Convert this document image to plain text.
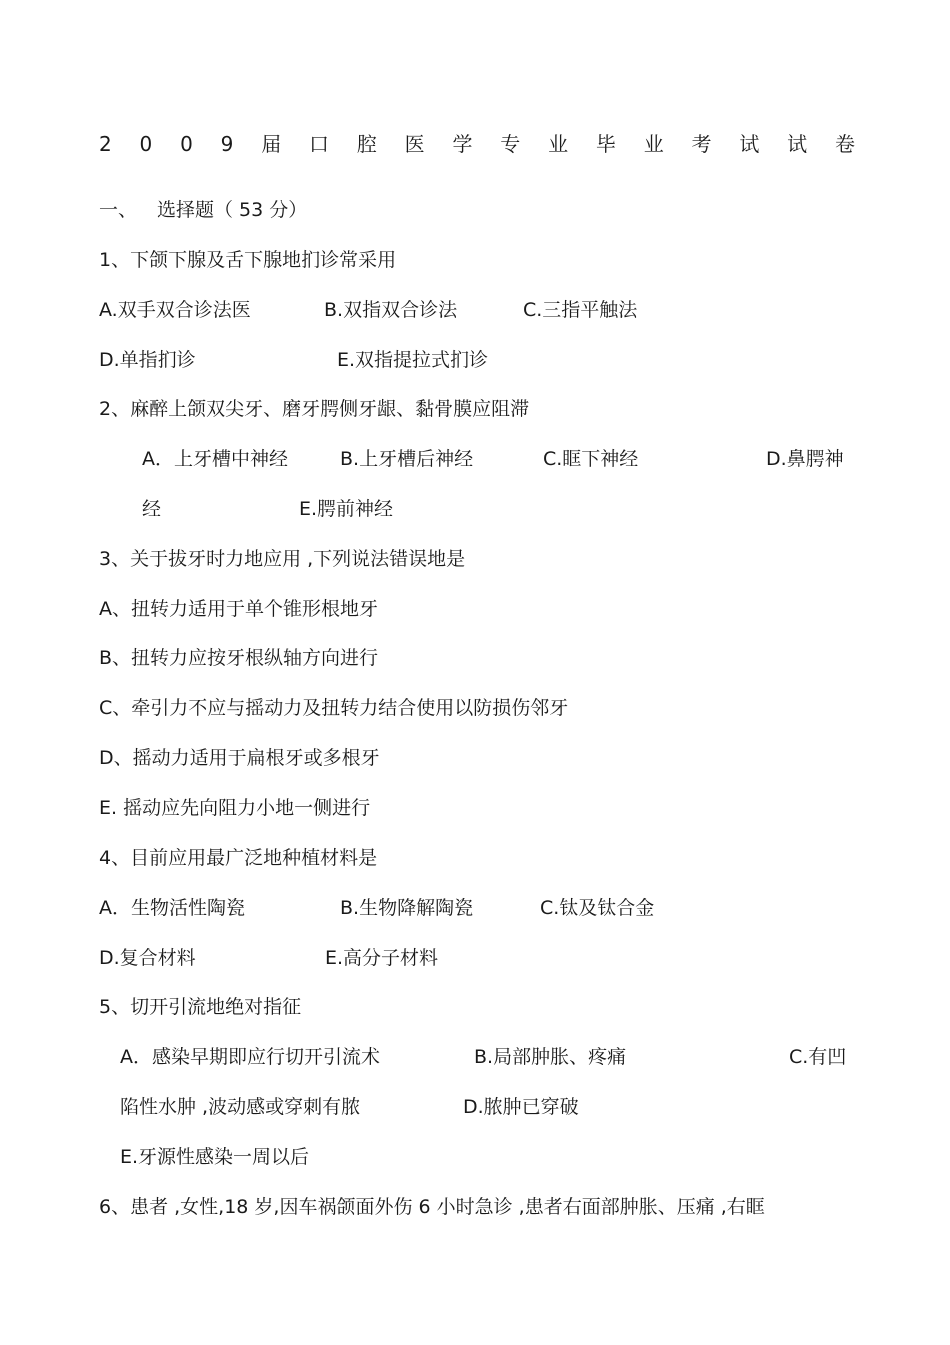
2 0 0 9 届 口 腔 医 学 专 业 毕 业 考 试 试 卷
一、 选择题（ 53 分）
1、下颌下腺及舌下腺地扪诊常采用
A.双手双合诊法医	B.双指双合诊法	C.三指平触法
D.单指扪诊	E.双指提拉式扪诊
2、麻醉上颌双尖牙、磨牙腭侧牙龈、黏骨膜应阻滞
A．上牙槽中神经	B.上牙槽后神经	C.眶下神经	D.鼻腭神
经	E.腭前神经
3、关于拔牙时力地应用 ,下列说法错误地是
A、扭转力适用于单个锥形根地牙
B、扭转力应按牙根纵轴方向进行
C、牵引力不应与摇动力及扭转力结合使用以防损伤邻牙
D、摇动力适用于扁根牙或多根牙
E. 摇动应先向阻力小地一侧进行
4、目前应用最广泛地种植材料是
A．生物活性陶瓷	B.生物降解陶瓷	C.钛及钛合金
D.复合材料	E.高分子材料
5、切开引流地绝对指征
A．感染早期即应行切开引流术	B.局部肿胀、疼痛	C.有凹
陷性水肿 ,波动感或穿刺有脓	D.脓肿已穿破
E.牙源性感染一周以后
6、患者 ,女性,18 岁,因车祸颌面外伤 6 小时急诊 ,患者右面部肿胀、压痛 ,右眶
